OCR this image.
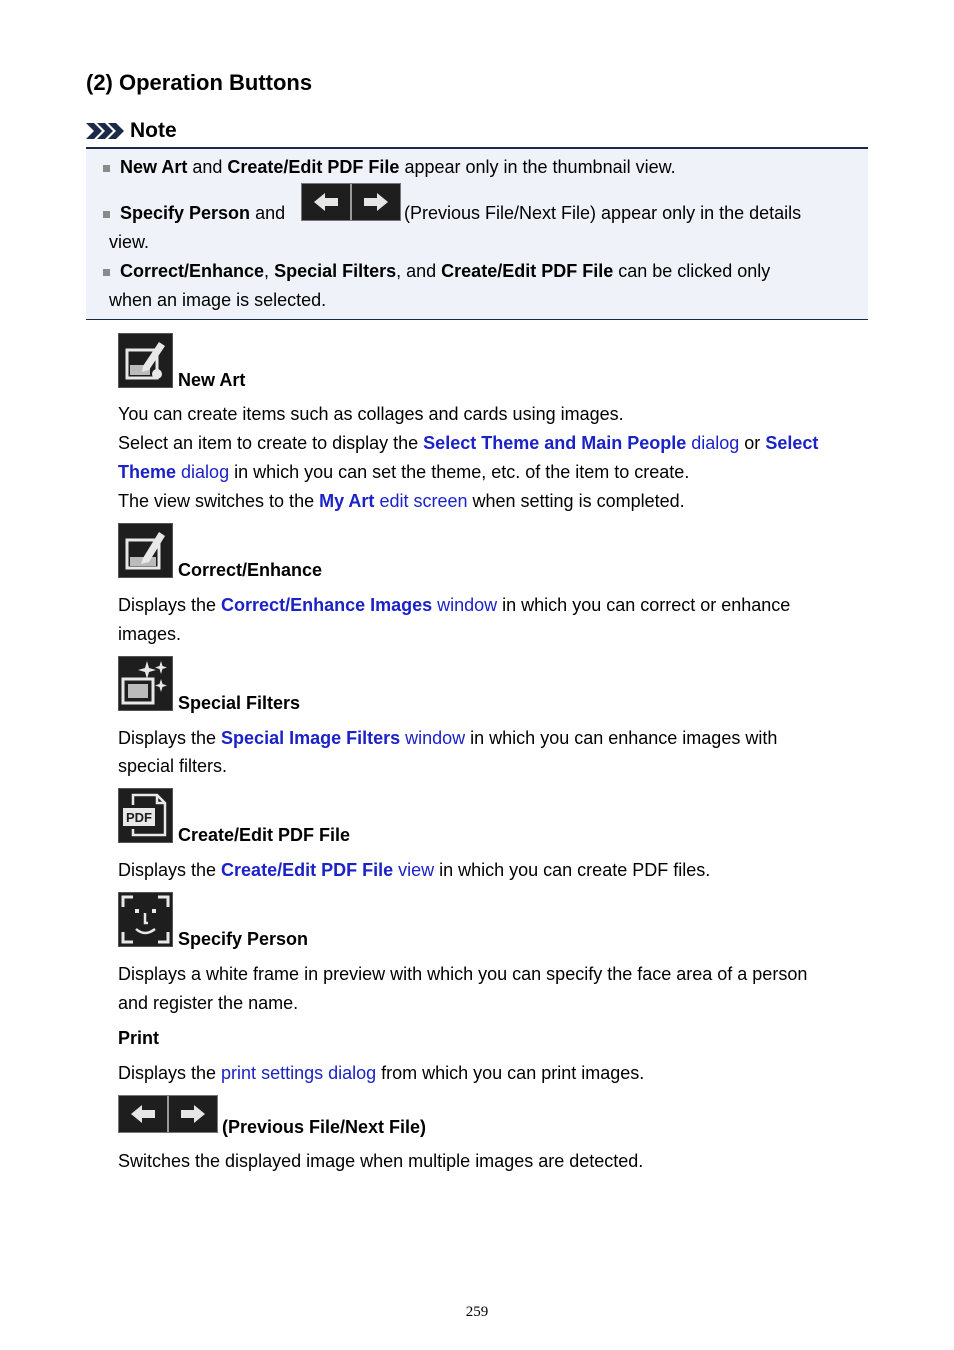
(2) Operation Buttons
Note
New Art and Create/Edit PDF File appear only in the thumbnail view.
Specify Person and	(Previous File/Next File) appear only in the details
view.
Correct/Enhance, Special Filters, and Create/Edit PDF File can be clicked only
when an image is selected.
New Art
You can create items such as collages and cards using images.
Select an item to create to display the Select Theme and Main People dialog or Select
Theme dialog in which you can set the theme, etc. of the item to create.
The view switches to the My Art edit screen when setting is completed.
Correct/Enhance
Displays the Correct/Enhance Images window in which you can correct or enhance
images.
Special Filters
Displays the Special Image Filters window in which you can enhance images with
special filters.
PDF
Create/Edit PDF File
Displays the Create/Edit PDF File view in which you can create PDF files.
Specify Person
Displays a white frame in preview with which you can specify the face area of a person
and register the name.
Print
Displays the print settings dialog from which you can print images.
(Previous File/Next File)
Switches the displayed image when multiple images are detected.
259
